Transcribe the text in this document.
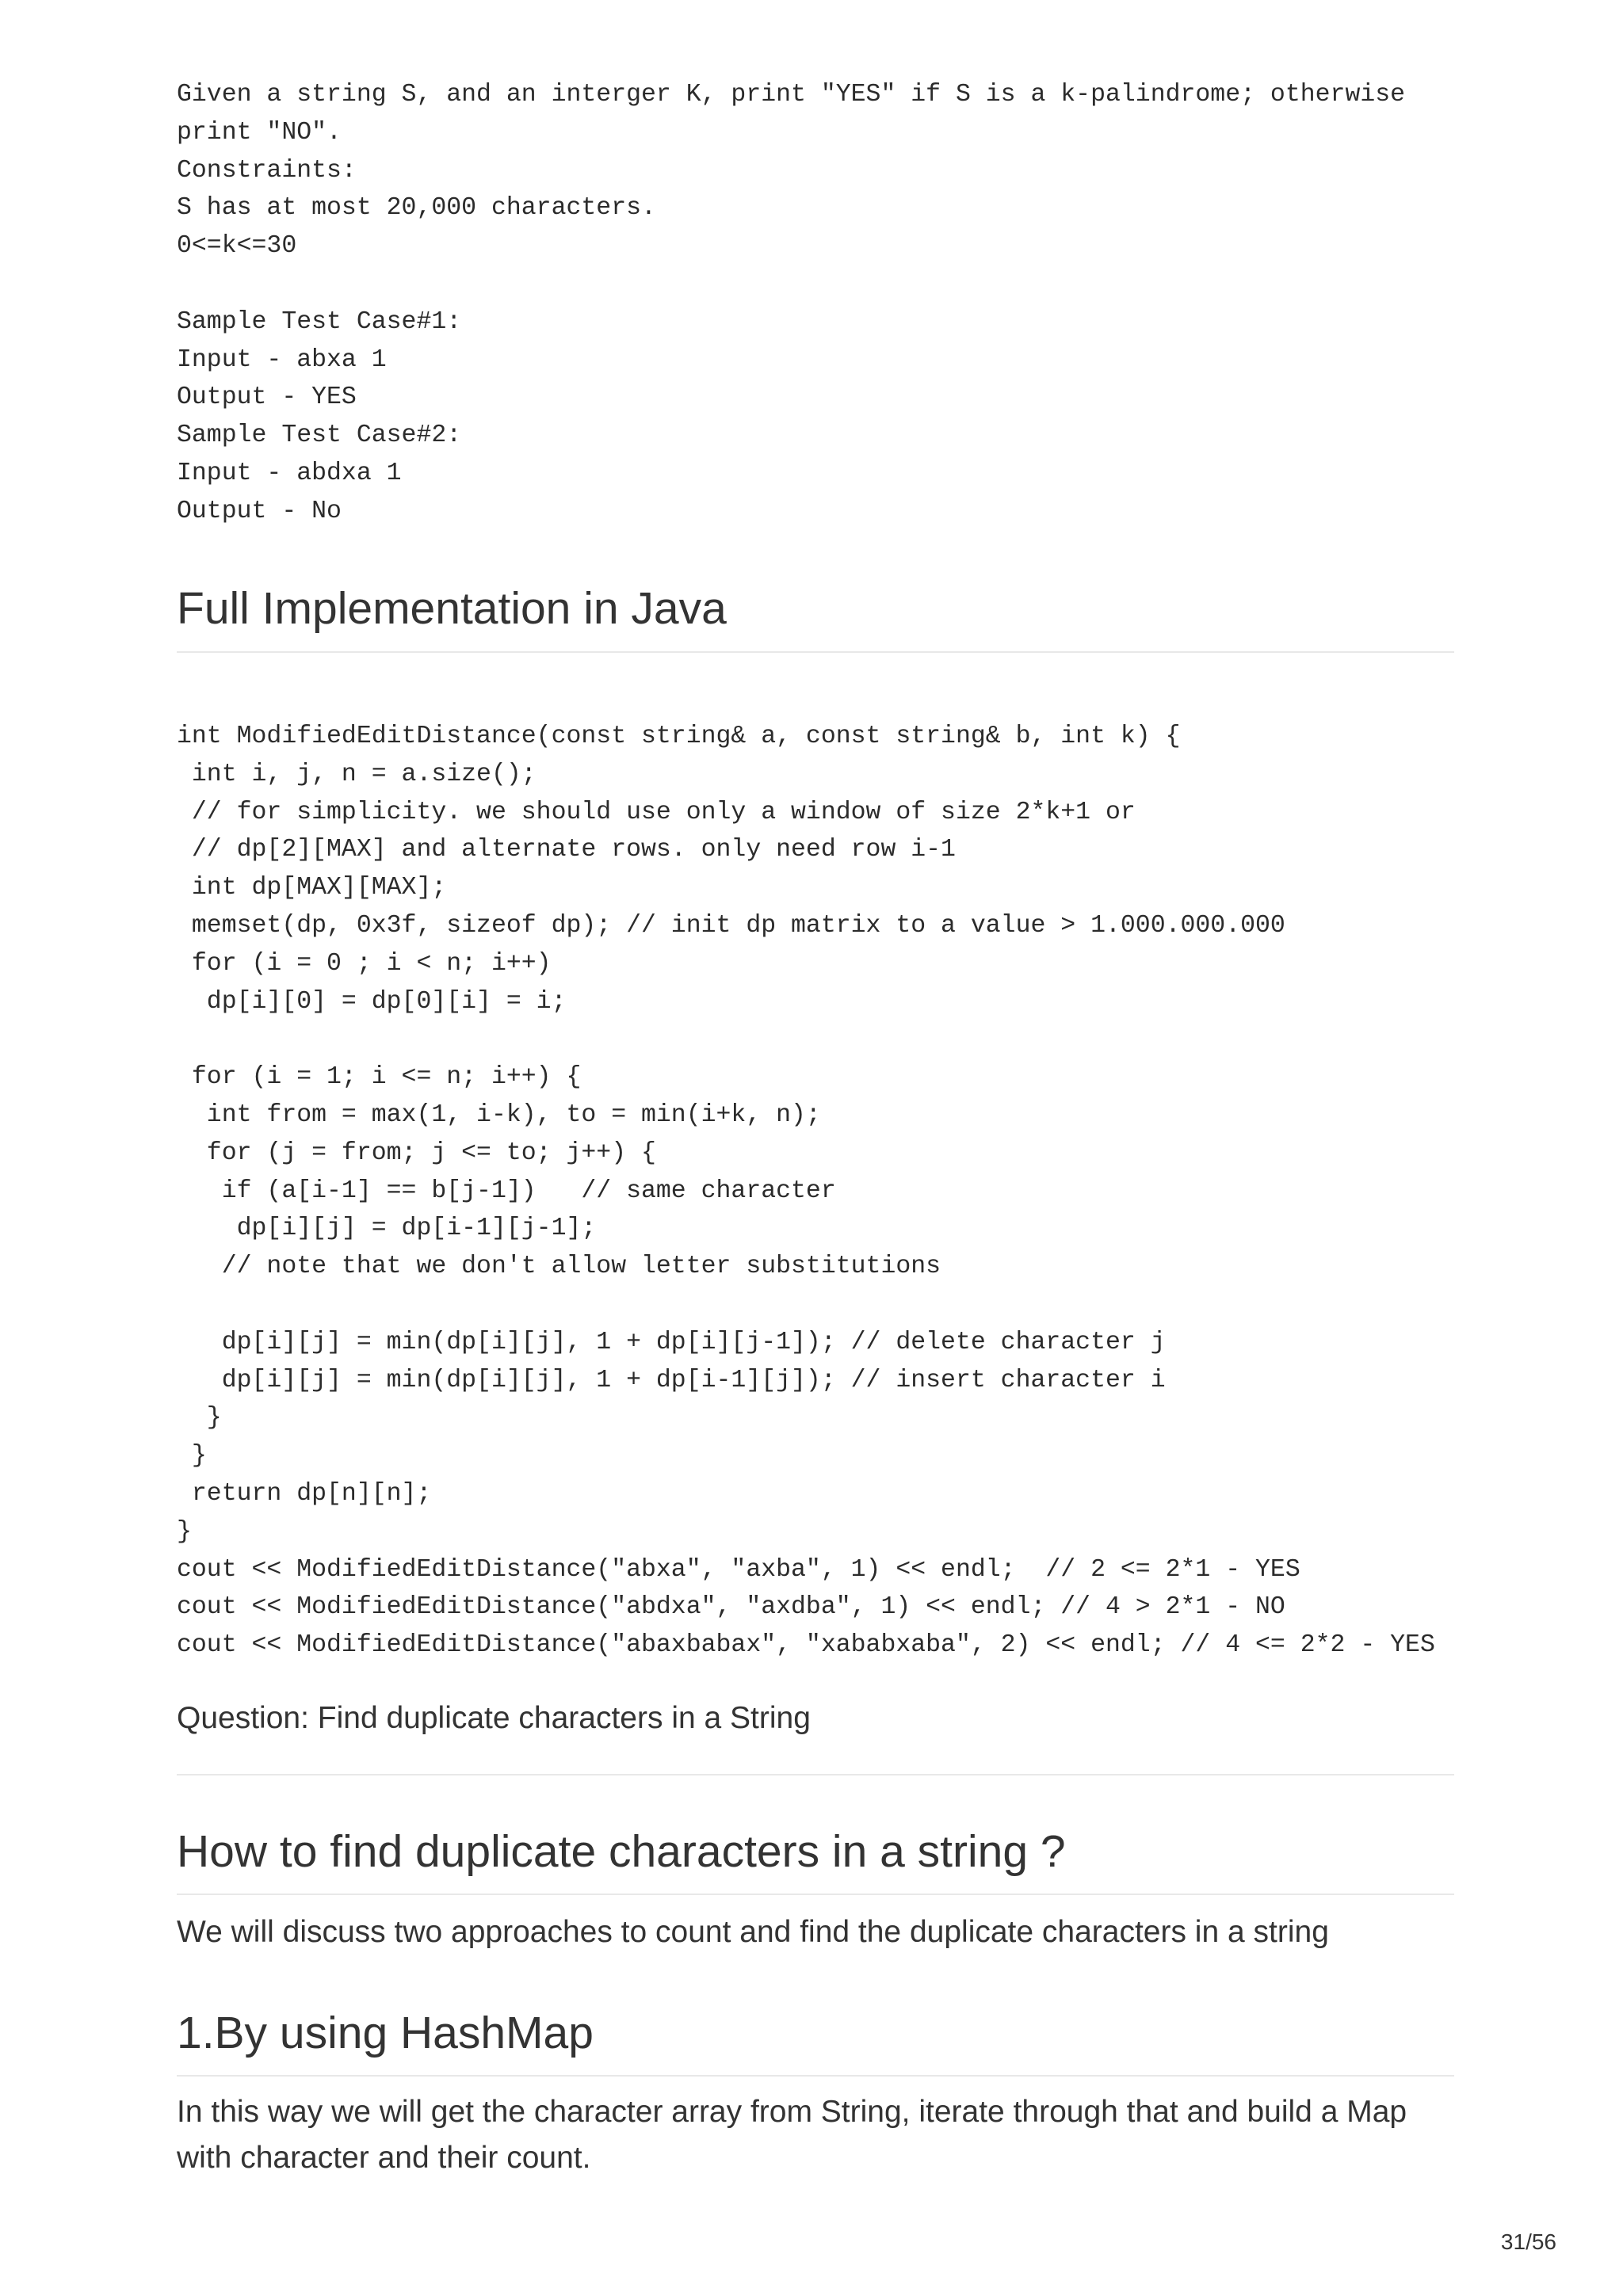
Given a string S, and an interger K, print "YES" if S is a k-palindrome; otherwise
print "NO".
Constraints:
S has at most 20,000 characters.
0<=k<=30

Sample Test Case#1:
Input - abxa 1
Output - YES
Sample Test Case#2:
Input - abdxa 1
Output - No
Full Implementation in Java
int ModifiedEditDistance(const string& a, const string& b, int k) {
int i, j, n = a.size();
// for simplicity. we should use only a window of size 2*k+1 or
// dp[2][MAX] and alternate rows. only need row i-1
int dp[MAX][MAX];
memset(dp, 0x3f, sizeof dp); // init dp matrix to a value > 1.000.000.000
for (i = 0 ; i < n; i++)
dp[i][0] = dp[0][i] = i;

for (i = 1; i <= n; i++) {
int from = max(1, i-k), to = min(i+k, n);
for (j = from; j <= to; j++) {
if (a[i-1] == b[j-1])   // same character
dp[i][j] = dp[i-1][j-1];
// note that we don't allow letter substitutions

dp[i][j] = min(dp[i][j], 1 + dp[i][j-1]); // delete character j
dp[i][j] = min(dp[i][j], 1 + dp[i-1][j]); // insert character i
}
}
return dp[n][n];
}
cout << ModifiedEditDistance("abxa", "axba", 1) << endl;  // 2 <= 2*1 - YES
cout << ModifiedEditDistance("abdxa", "axdba", 1) << endl; // 4 > 2*1 - NO
cout << ModifiedEditDistance("abaxbabax", "xababxaba", 2) << endl; // 4 <= 2*2 - YES

Question: Find duplicate characters in a String

How to find duplicate characters in a string ?

We will discuss two approaches to count and find the duplicate characters in a string

1.By using HashMap

In this way we will get the character array from String, iterate through that and build a Map with character and their count.

31/56
